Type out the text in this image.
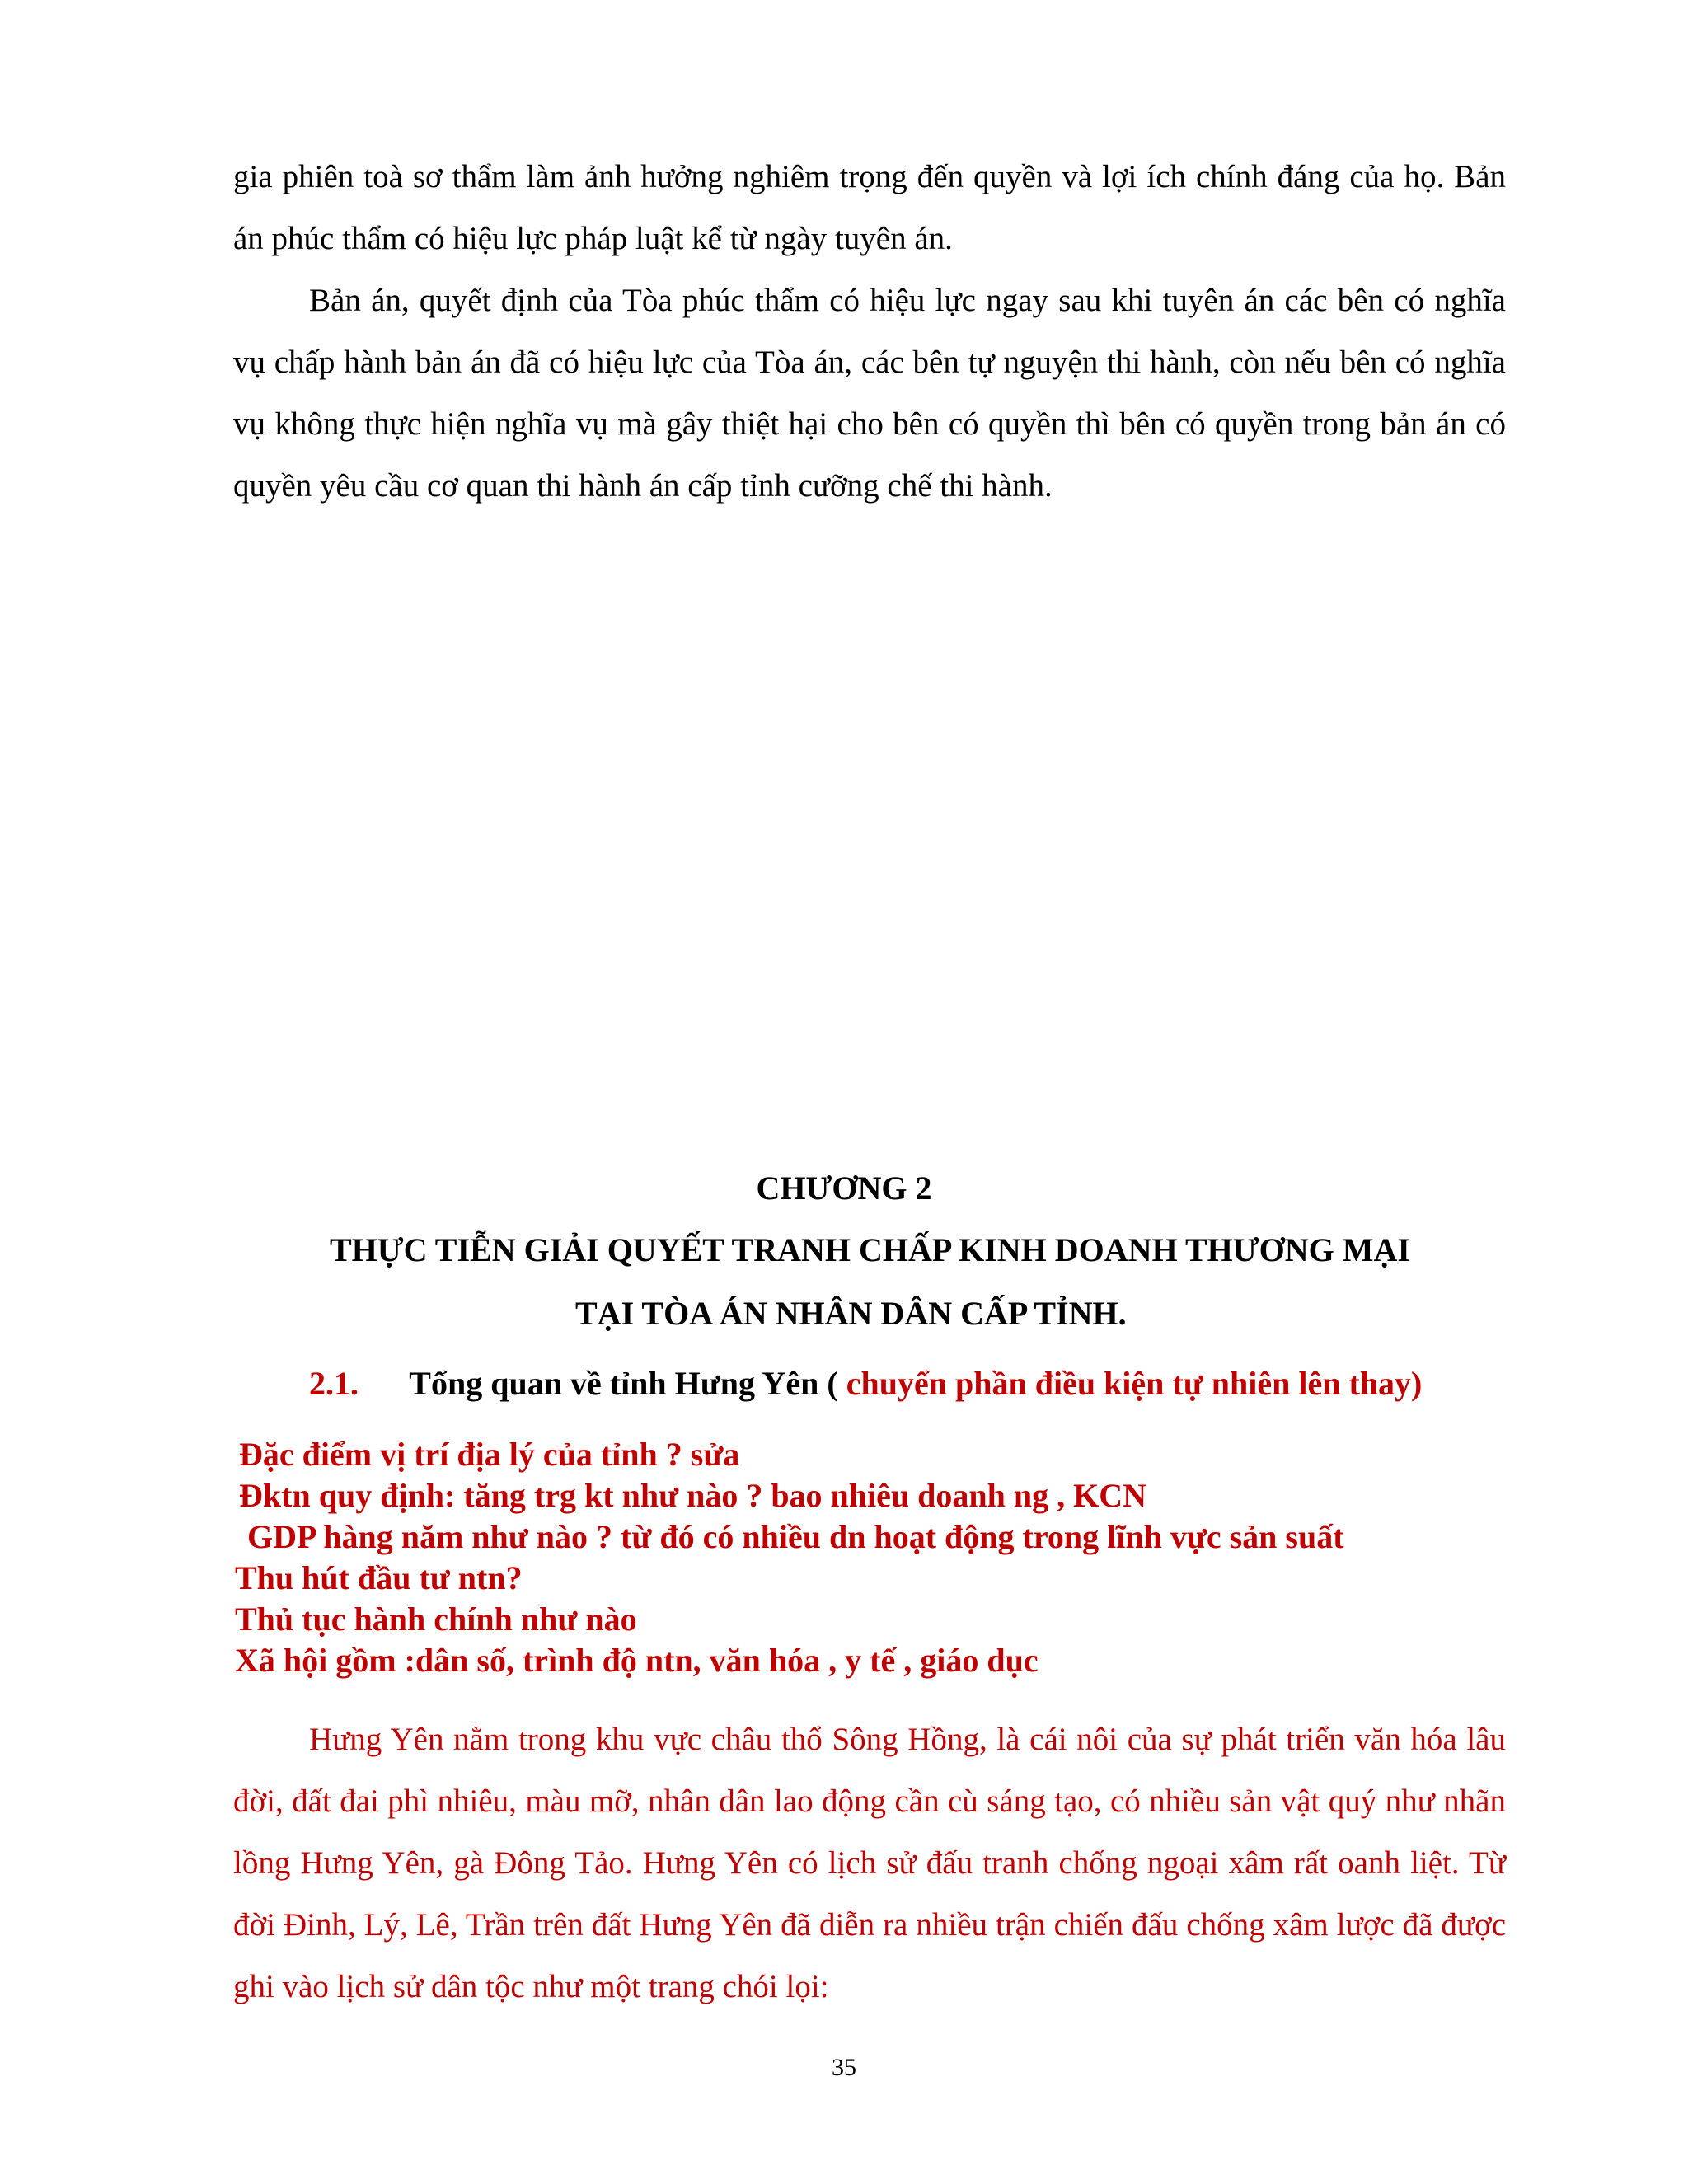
gia phiên toà sơ thẩm làm ảnh hưởng nghiêm trọng đến quyền và lợi ích chính đáng của họ. Bản án phúc thẩm có hiệu lực pháp luật kể từ ngày tuyên án.

Bản án, quyết định của Tòa phúc thẩm có hiệu lực ngay sau khi tuyên án các bên có nghĩa vụ chấp hành bản án đã có hiệu lực của Tòa án, các bên tự nguyện thi hành, còn nếu bên có nghĩa vụ không thực hiện nghĩa vụ mà gây thiệt hại cho bên có quyền thì bên có quyền trong bản án có quyền yêu cầu cơ quan thi hành án cấp tỉnh cưỡng chế thi hành.

CHƯƠNG 2

THỰC TIỄN GIẢI QUYẾT TRANH CHẤP KINH DOANH THƯƠNG MẠI

TẠI TÒA ÁN NHÂN DÂN CẤP TỈNH.

2.1. Tổng quan về tỉnh Hưng Yên ( chuyển phần điều kiện tự nhiên lên thay)

Đặc điểm vị trí địa lý của tỉnh ? sửa

Đktn quy định: tăng trg kt như nào ? bao nhiêu doanh ng , KCN

GDP hàng năm như nào ? từ đó có nhiều dn hoạt động trong lĩnh vực sản suất

Thu hút đầu tư ntn?

Thủ tục hành chính như nào

Xã hội gồm :dân số, trình độ ntn, văn hóa , y tế , giáo dục

Hưng Yên nằm trong khu vực châu thổ Sông Hồng, là cái nôi của sự phát triển văn hóa lâu đời, đất đai phì nhiêu, màu mỡ, nhân dân lao động cần cù sáng tạo, có nhiều sản vật quý như nhãn lồng Hưng Yên, gà Đông Tảo. Hưng Yên có lịch sử đấu tranh chống ngoại xâm rất oanh liệt. Từ đời Đinh, Lý, Lê, Trần trên đất Hưng Yên đã diễn ra nhiều trận chiến đấu chống xâm lược đã được ghi vào lịch sử dân tộc như một trang chói lọi:

35
